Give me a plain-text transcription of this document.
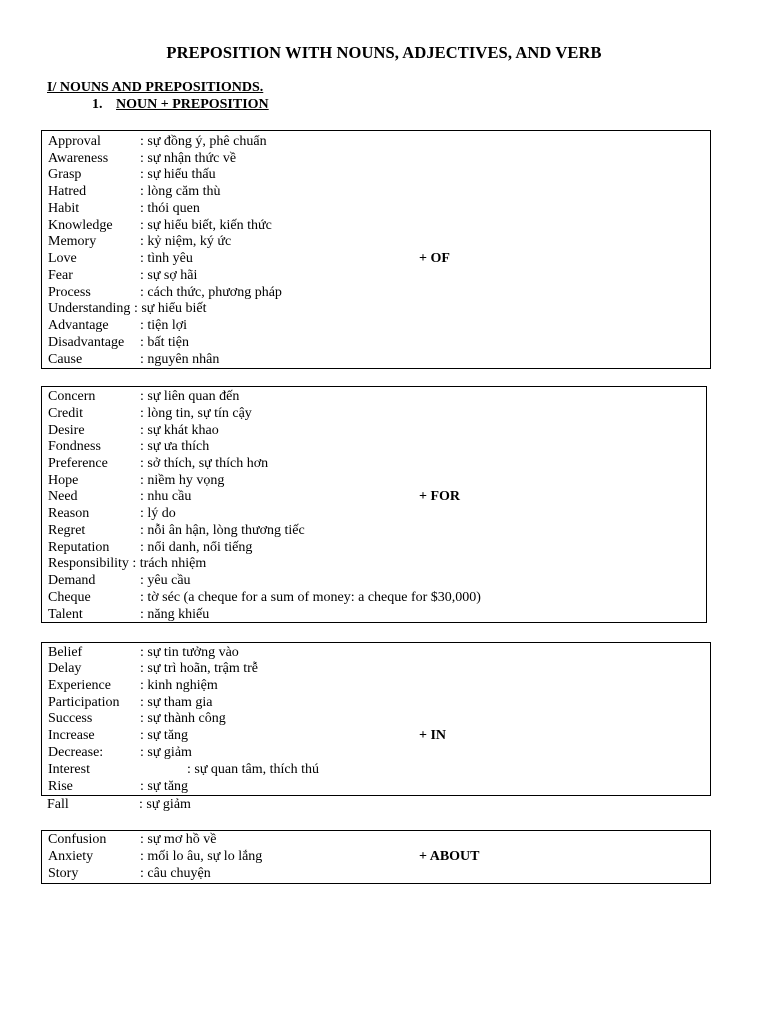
PREPOSITION WITH NOUNS, ADJECTIVES, AND VERB
I/ NOUNS AND PREPOSITIONDS.
1. NOUN + PREPOSITION
Approval	: sự đồng ý, phê chuẩn
Awareness : sự nhận thức về
Grasp	: sự hiểu thấu
Hatred	: lòng căm thù
Habit	: thói quen
Knowledge : sự hiểu biết, kiến thức
Memory	: kỷ niệm, ký ức
Love	: tình yêu
Fear	: sự sợ hãi
Process	: cách thức, phương pháp
Understanding : sự hiểu biết
Advantage : tiện lợi
Disadvantage : bất tiện
Cause	: nguyên nhân
+ OF
Concern	: sự liên quan đến
Credit	: lòng tin, sự tín cậy
Desire	: sự khát khao
Fondness	: sự ưa thích
Preference : sở thích, sự thích hơn
Hope	: niềm hy vọng
Need	: nhu cầu
Reason	: lý do
Regret	: nỗi ân hận, lòng thương tiếc
Reputation : nổi danh, nổi tiếng
Responsibility : trách nhiệm
Demand	: yêu cầu
Cheque	: tờ séc (a cheque for a sum of money: a cheque for $30,000)
Talent	: năng khiếu
+ FOR
Belief	: sự tin tưởng vào
Delay	: sự trì hoãn, trậm trễ
Experience : kinh nghiệm
Participation : sự tham gia
Success	: sự thành công
Increase	: sự tăng
Decrease:	: sự giảm
Interest	: sự quan tâm, thích thú
Rise	: sự tăng
+ IN
Fall	: sự giảm
Confusion : sự mơ hồ về
Anxiety	: mối lo âu, sự lo lắng
Story	: câu chuyện
+ ABOUT
